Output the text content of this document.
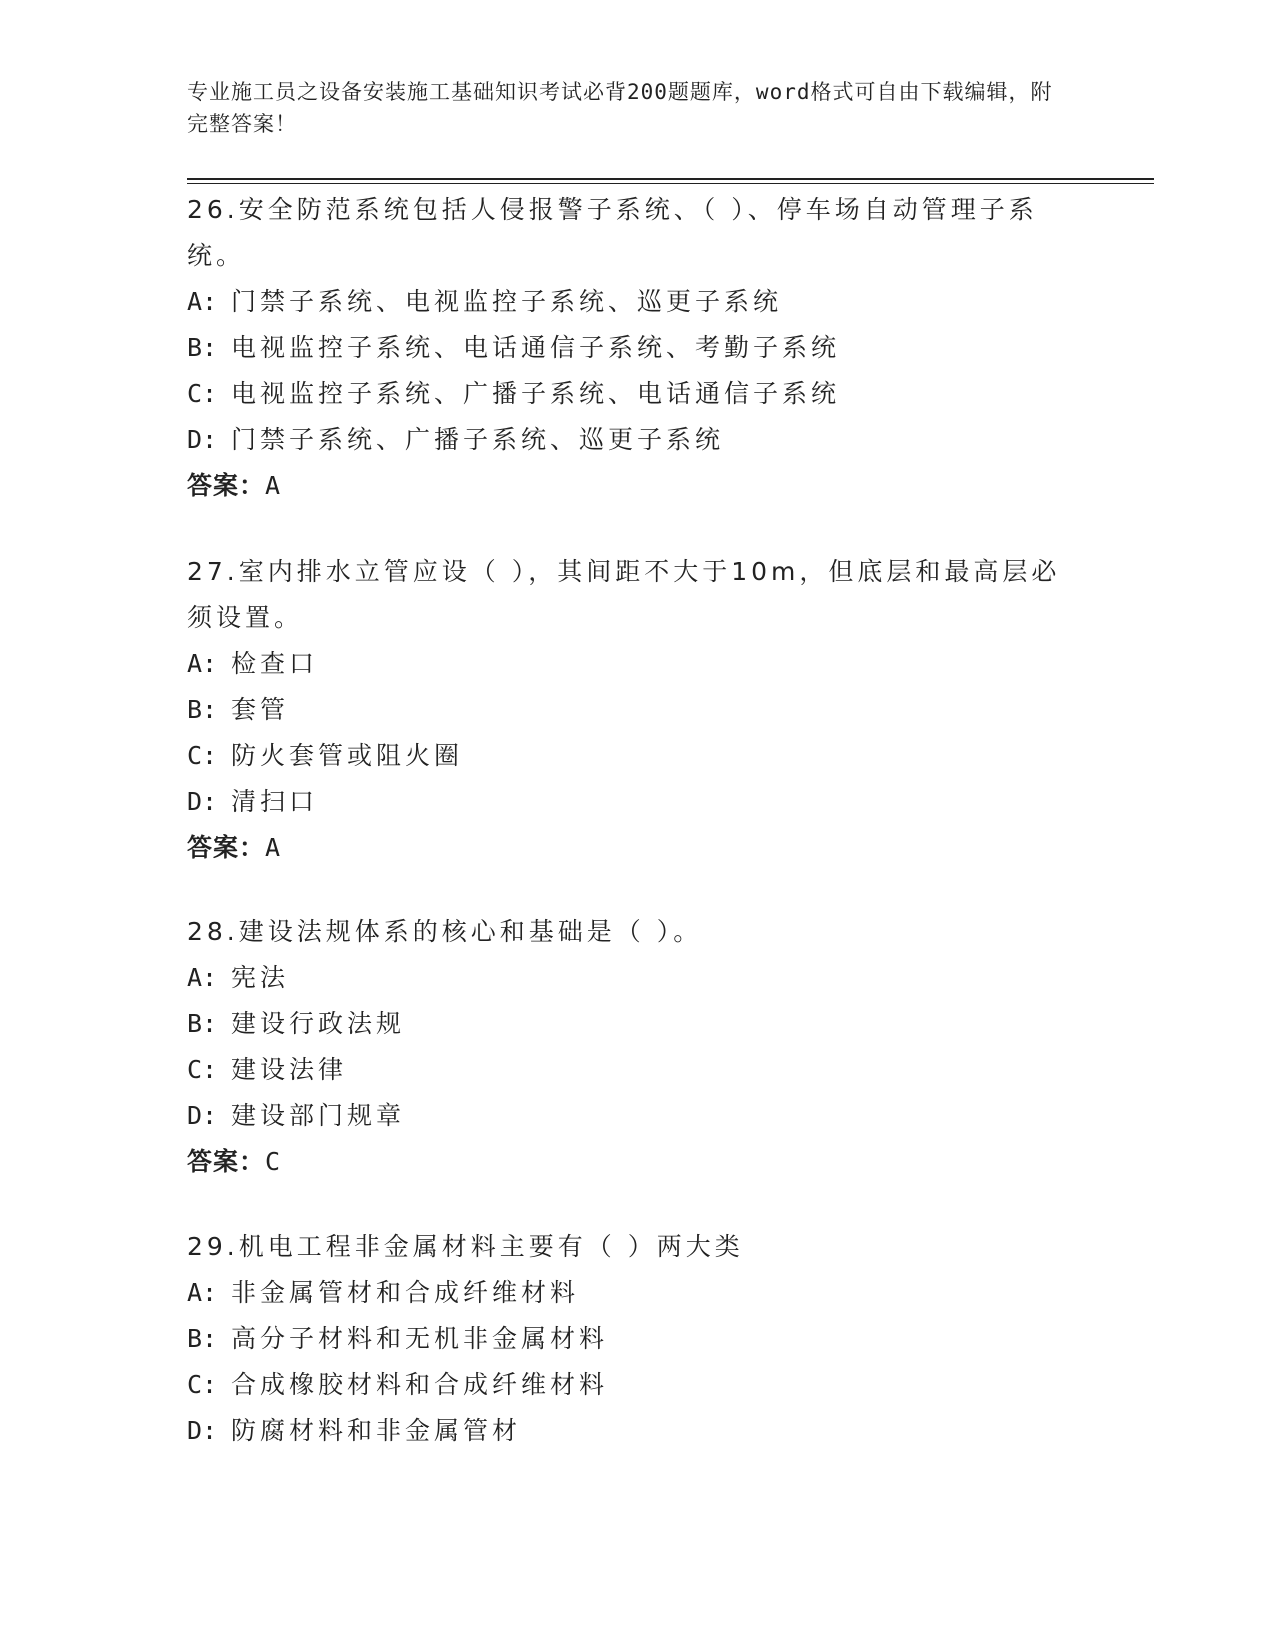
专业施工员之设备安装施工基础知识考试必背200题题库，word格式可自由下载编辑，附完整答案！
26.安全防范系统包括人侵报警子系统、（ ）、停车场自动管理子系统。
A: 门禁子系统、电视监控子系统、巡更子系统
B: 电视监控子系统、电话通信子系统、考勤子系统
C: 电视监控子系统、广播子系统、电话通信子系统
D: 门禁子系统、广播子系统、巡更子系统
答案：A
27.室内排水立管应设（ ），其间距不大于10m，但底层和最高层必须设置。
A: 检查口
B: 套管
C: 防火套管或阻火圈
D: 清扫口
答案：A
28.建设法规体系的核心和基础是（ ）。
A: 宪法
B: 建设行政法规
C: 建设法律
D: 建设部门规章
答案：C
29.机电工程非金属材料主要有（ ）两大类
A: 非金属管材和合成纤维材料
B: 高分子材料和无机非金属材料
C: 合成橡胶材料和合成纤维材料
D: 防腐材料和非金属管材
